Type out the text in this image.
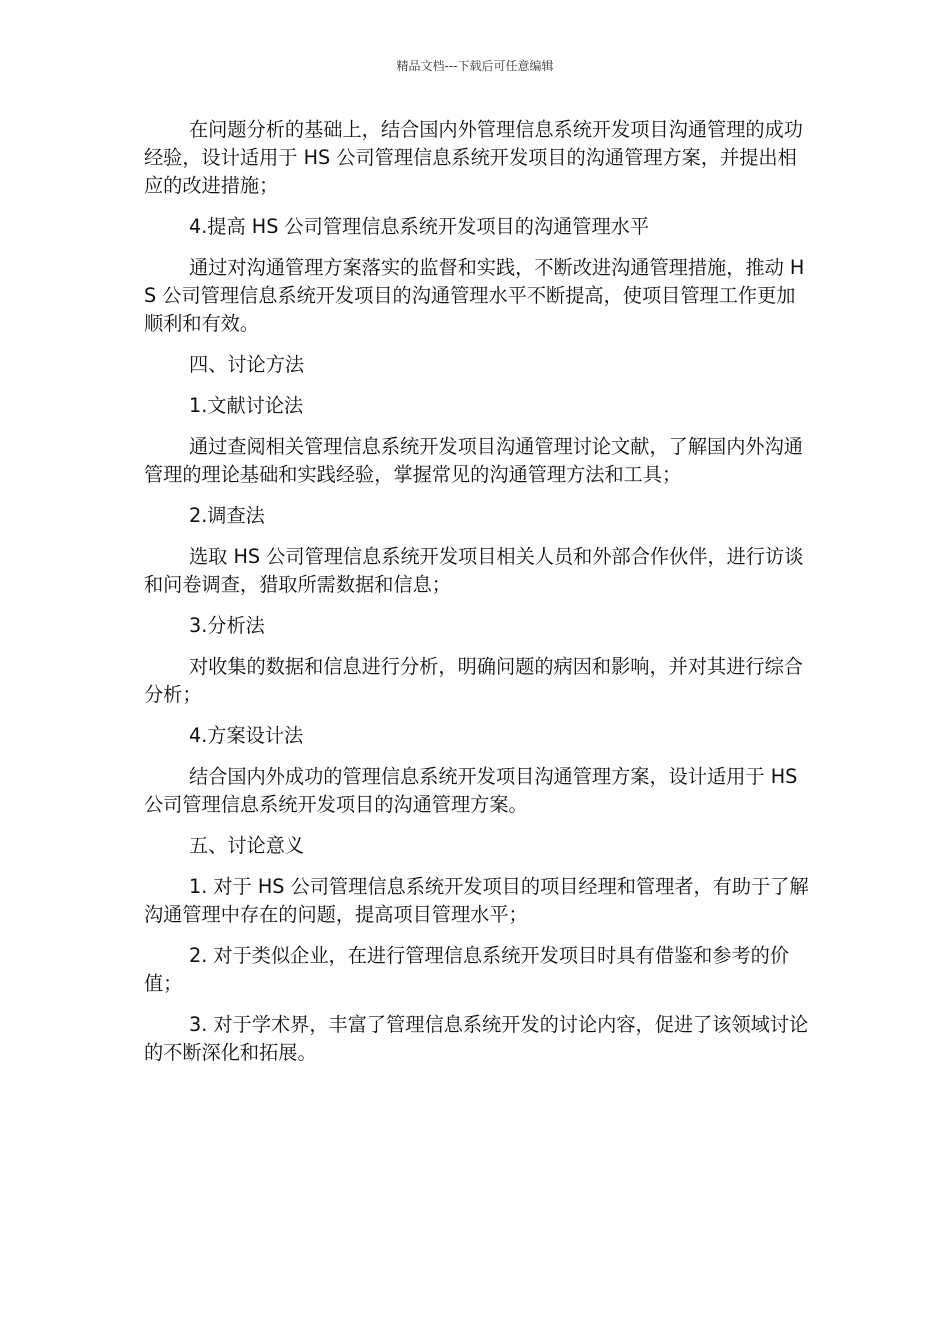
精品文档---下载后可任意编辑

在问题分析的基础上，结合国内外管理信息系统开发项目沟通管理的成功经验，设计适用于 HS 公司管理信息系统开发项目的沟通管理方案，并提出相应的改进措施；

4.提高 HS 公司管理信息系统开发项目的沟通管理水平

通过对沟通管理方案落实的监督和实践，不断改进沟通管理措施，推动 HS 公司管理信息系统开发项目的沟通管理水平不断提高，使项目管理工作更加顺利和有效。

四、讨论方法

1.文献讨论法

通过查阅相关管理信息系统开发项目沟通管理讨论文献，了解国内外沟通管理的理论基础和实践经验，掌握常见的沟通管理方法和工具；

2.调查法

选取 HS 公司管理信息系统开发项目相关人员和外部合作伙伴，进行访谈和问卷调查，猎取所需数据和信息；

3.分析法

对收集的数据和信息进行分析，明确问题的病因和影响，并对其进行综合分析；

4.方案设计法

结合国内外成功的管理信息系统开发项目沟通管理方案，设计适用于 HS 公司管理信息系统开发项目的沟通管理方案。

五、讨论意义

1. 对于 HS 公司管理信息系统开发项目的项目经理和管理者，有助于了解沟通管理中存在的问题，提高项目管理水平；

2. 对于类似企业，在进行管理信息系统开发项目时具有借鉴和参考的价值；

3. 对于学术界，丰富了管理信息系统开发的讨论内容，促进了该领域讨论的不断深化和拓展。
